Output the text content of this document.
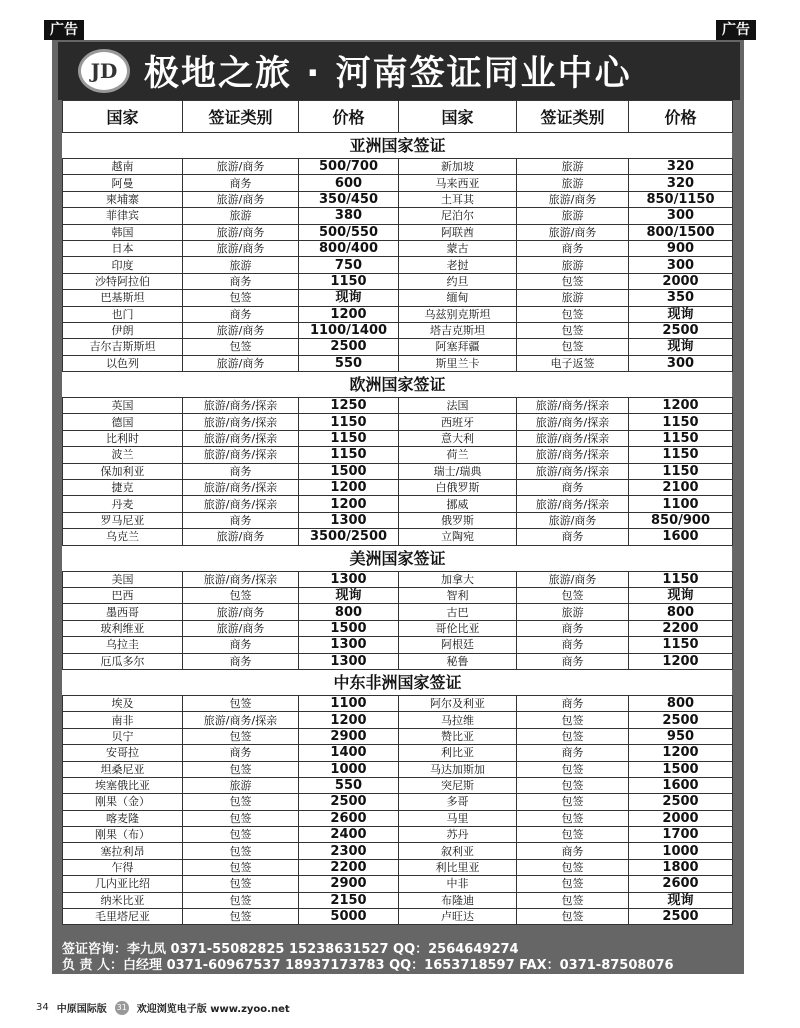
广告	广告
JD 极地之旅 · 河南签证同业中心
国家	签证类别	价格	国家	签证类别	价格
亚洲国家签证					
越南	旅游/商务	500/700	新加坡	旅游	320
阿曼	商务	600	马来西亚	旅游	320
柬埔寨	旅游/商务	350/450	土耳其	旅游/商务	850/1150
菲律宾	旅游	380	尼泊尔	旅游	300
韩国	旅游/商务	500/550	阿联酋	旅游/商务	800/1500
日本	旅游/商务	800/400	蒙古	商务	900
印度	旅游	750	老挝	旅游	300
沙特阿拉伯	商务	1150	约旦	包签	2000
巴基斯坦	包签	现询	缅甸	旅游	350
也门	商务	1200	乌兹别克斯坦	包签	现询
伊朗	旅游/商务	1100/1400	塔吉克斯坦	包签	2500
吉尔吉斯斯坦	包签	2500	阿塞拜疆	包签	现询
以色列	旅游/商务	550	斯里兰卡	电子返签	300
欧洲国家签证					
英国	旅游/商务/探亲	1250	法国	旅游/商务/探亲	1200
德国	旅游/商务/探亲	1150	西班牙	旅游/商务/探亲	1150
比利时	旅游/商务/探亲	1150	意大利	旅游/商务/探亲	1150
波兰	旅游/商务/探亲	1150	荷兰	旅游/商务/探亲	1150
保加利亚	商务	1500	瑞士/瑞典	旅游/商务/探亲	1150
捷克	旅游/商务/探亲	1200	白俄罗斯	商务	2100
丹麦	旅游/商务/探亲	1200	挪威	旅游/商务/探亲	1100
罗马尼亚	商务	1300	俄罗斯	旅游/商务	850/900
乌克兰	旅游/商务	3500/2500	立陶宛	商务	1600
美洲国家签证					
美国	旅游/商务/探亲	1300	加拿大	旅游/商务	1150
巴西	包签	现询	智利	包签	现询
墨西哥	旅游/商务	800	古巴	旅游	800
玻利维亚	旅游/商务	1500	哥伦比亚	商务	2200
乌拉圭	商务	1300	阿根廷	商务	1150
厄瓜多尔	商务	1300	秘鲁	商务	1200
中东非洲国家签证					
埃及	包签	1100	阿尔及利亚	商务	800
南非	旅游/商务/探亲	1200	马拉维	包签	2500
贝宁	包签	2900	赞比亚	包签	950
安哥拉	商务	1400	利比亚	商务	1200
坦桑尼亚	包签	1000	马达加斯加	包签	1500
埃塞俄比亚	旅游	550	突尼斯	包签	1600
刚果（金）	包签	2500	多哥	包签	2500
喀麦隆	包签	2600	马里	包签	2000
刚果（布）	包签	2400	苏丹	包签	1700
塞拉利昂	包签	2300	叙利亚	商务	1000
乍得	包签	2200	利比里亚	包签	1800
几内亚比绍	包签	2900	中非	包签	2600
纳米比亚	包签	2150	布隆迪	包签	现询
毛里塔尼亚	包签	5000	卢旺达	包签	2500
签证咨询：李九凤 0371-55082825 15238631527 QQ：2564649274
负 责 人：白经理 0371-60967537 18937173783 QQ：1653718597 FAX：0371-87508076
34 中原国际版 31 欢迎浏览电子版 www.zyoo.net
